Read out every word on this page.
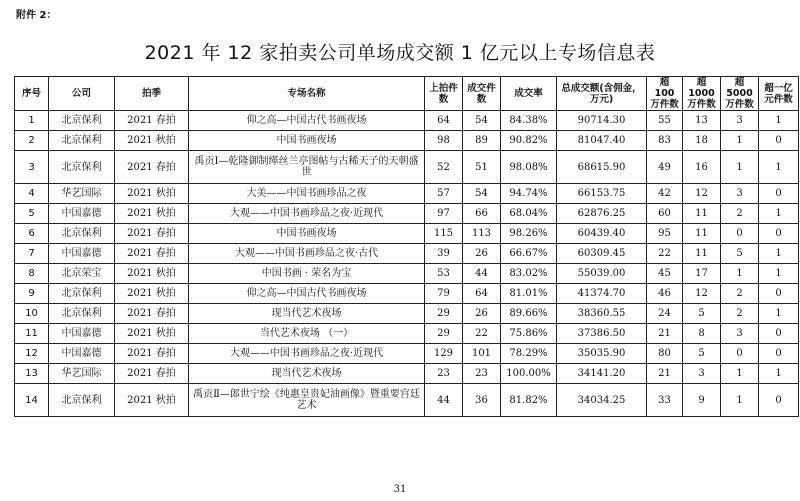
附件 2：
2021 年 12 家拍卖公司单场成交额 1 亿元以上专场信息表
序号	公司	拍季	专场名称	上拍件数	成交件数	成交率	总成交额(含佣金，万元)	超 100 万件数	超 1000 万件数	超 5000 万件数	超一亿元件数
1	北京保利	2021 春拍	仰之高—中国古代书画夜场	64	54	84.38%	90714.30	55	13	3	1
2	北京保利	2021 秋拍	中国书画夜场	98	89	90.82%	81047.40	83	18	1	0
3	北京保利	2021 春拍	禹贡Ⅰ—乾隆御制缂丝兰亭图帖与古稀天子的天朝盛世	52	51	98.08%	68615.90	49	16	1	1
4	华艺国际	2021 秋拍	大美——中国书画珍品之夜	57	54	94.74%	66153.75	42	12	3	0
5	中国嘉德	2021 秋拍	大观——中国书画珍品之夜·近现代	97	66	68.04%	62876.25	60	11	2	1
6	北京保利	2021 春拍	中国书画夜场	115	113	98.26%	60439.40	95	11	0	0
7	中国嘉德	2021 春拍	大观——中国书画珍品之夜·古代	39	26	66.67%	60309.45	22	11	5	1
8	北京荣宝	2021 秋拍	中国书画 · 荣名为宝	53	44	83.02%	55039.00	45	17	1	1
9	北京保利	2021 秋拍	仰之高—中国古代书画夜场	79	64	81.01%	41374.70	46	12	2	0
10	北京保利	2021 春拍	现当代艺术夜场	29	26	89.66%	38360.55	24	5	2	1
11	中国嘉德	2021 秋拍	当代艺术夜场 （一）	29	22	75.86%	37386.50	21	8	3	0
12	中国嘉德	2021 春拍	大观——中国书画珍品之夜·近现代	129	101	78.29%	35035.90	80	5	0	0
13	华艺国际	2021 春拍	现当代艺术夜场	23	23	100.00%	34141.20	21	3	1	1
14	北京保利	2021 秋拍	禹贡Ⅱ—郎世宁绘《纯惠皇贵妃油画像》暨重要宫廷艺术	44	36	81.82%	34034.25	33	9	1	0
31
